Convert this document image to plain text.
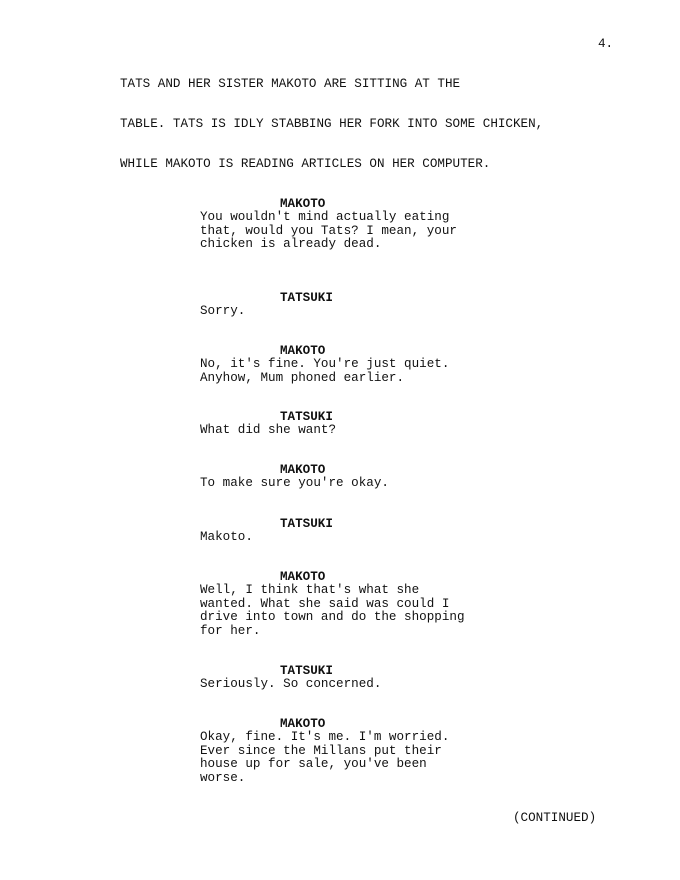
4.
TATS AND HER SISTER MAKOTO ARE SITTING AT THE
TABLE. TATS IS IDLY STABBING HER FORK INTO SOME CHICKEN,
WHILE MAKOTO IS READING ARTICLES ON HER COMPUTER.
MAKOTO
You wouldn't mind actually eating
that, would you Tats? I mean, your
chicken is already dead.
TATSUKI
Sorry.
MAKOTO
No, it's fine. You're just quiet.
Anyhow, Mum phoned earlier.
TATSUKI
What did she want?
MAKOTO
To make sure you're okay.
TATSUKI
Makoto.
MAKOTO
Well, I think that's what she
wanted. What she said was could I
drive into town and do the shopping
for her.
TATSUKI
Seriously. So concerned.
MAKOTO
Okay, fine. It's me. I'm worried.
Ever since the Millans put their
house up for sale, you've been
worse.
(CONTINUED)
